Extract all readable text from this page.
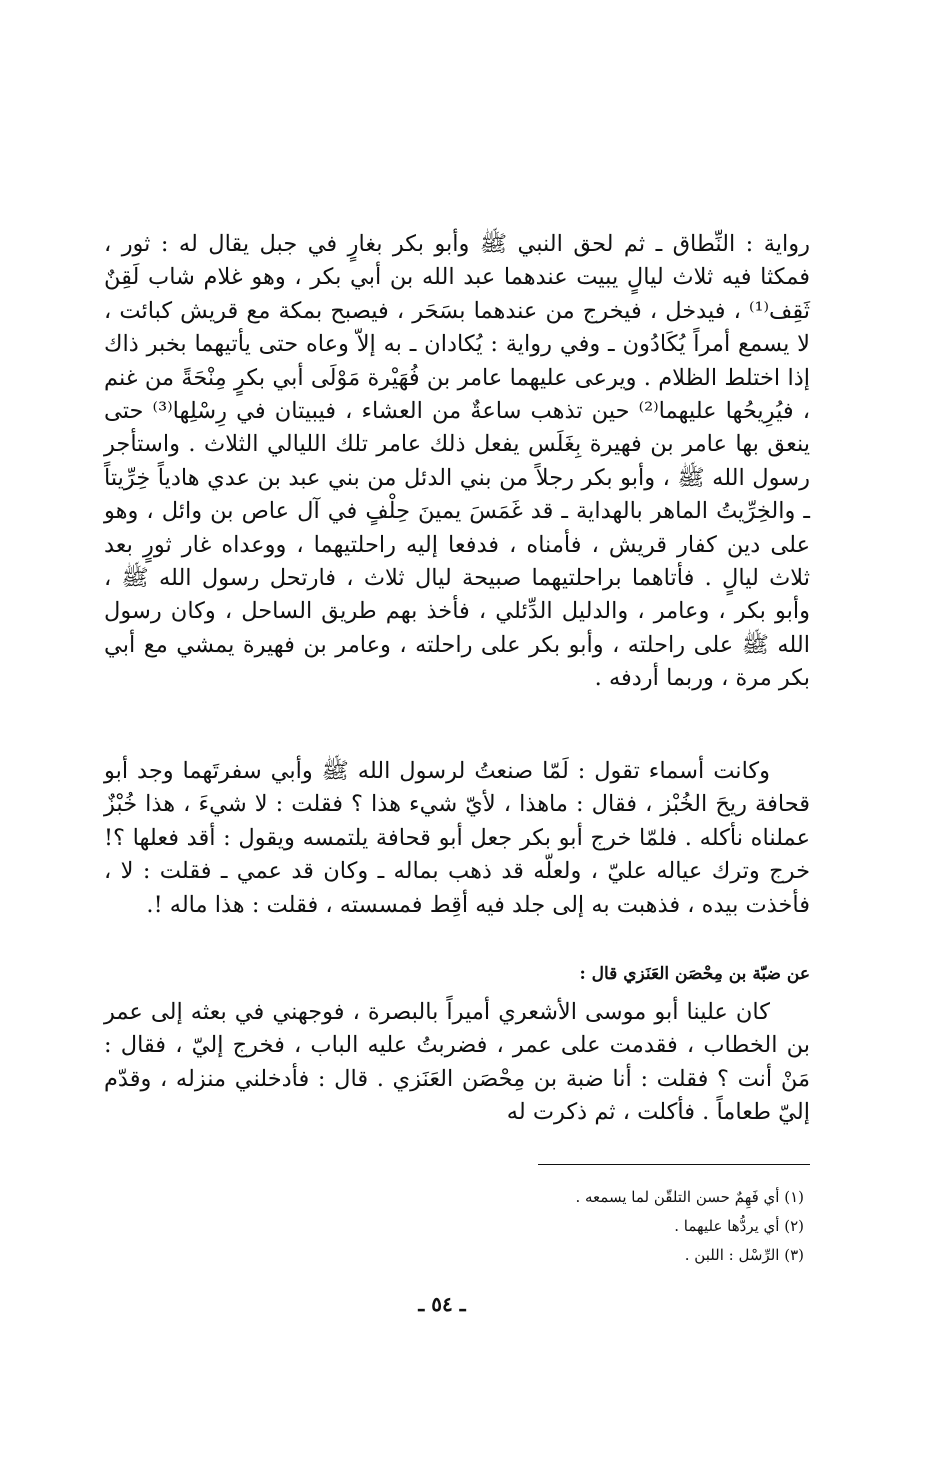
رواية : النِّطاق ـ ثم لحق النبي ﷺ وأبو بكر بغارٍ في جبل يقال له : ثور ، فمكثا فيه ثلاث ليالٍ يبيت عندهما عبد الله بن أبي بكر ، وهو غلام شاب لَقِنٌ ثَقِف⁽¹⁾ ، فيدخل ، فيخرج من عندهما بسَحَر ، فيصبح بمكة مع قريش كبائت ، لا يسمع أمراً يُكَادُون ـ وفي رواية : يُكادان ـ به إلاّ وعاه حتى يأتيهما بخبر ذاك إذا اختلط الظلام . ويرعى عليهما عامر بن فُهَيْرة مَوْلَى أبي بكرٍ مِنْحَةً من غنم ، فيُرِيحُها عليهما⁽²⁾ حين تذهب ساعةٌ من العشاء ، فيبيتان في رِسْلِها⁽³⁾ حتى ينعق بها عامر بن فهيرة بِغَلَس يفعل ذلك عامر تلك الليالي الثلاث . واستأجر رسول الله ﷺ ، وأبو بكر رجلاً من بني الدئل من بني عبد بن عدي هادياً خِرِّيتاً ـ والخِرِّيتُ الماهر بالهداية ـ قد غَمَسَ يمينَ حِلْفٍ في آل عاص بن وائل ، وهو على دين كفار قريش ، فأمناه ، فدفعا إليه راحلتيهما ، ووعداه غار ثورٍ بعد ثلاث ليالٍ . فأتاهما براحلتيهما صبيحة ليال ثلاث ، فارتحل رسول الله ﷺ ، وأبو بكر ، وعامر ، والدليل الدِّئلي ، فأخذ بهم طريق الساحل ، وكان رسول الله ﷺ على راحلته ، وأبو بكر على راحلته ، وعامر بن فهيرة يمشي مع أبي بكر مرة ، وربما أردفه .

وكانت أسماء تقول : لَمّا صنعتُ لرسول الله ﷺ وأبي سفرتَهما وجد أبو قحافة ريحَ الخُبْز ، فقال : ماهذا ، لأيّ شيء هذا ؟ فقلت : لا شيءَ ، هذا خُبْزٌ عملناه نأكله . فلمّا خرج أبو بكر جعل أبو قحافة يلتمسه ويقول : أقد فعلها ؟! خرج وترك عياله عليّ ، ولعلّه قد ذهب بماله ـ وكان قد عمي ـ فقلت : لا ، فأخذت بيده ، فذهبت به إلى جلد فيه أقِط فمسسته ، فقلت : هذا ماله !.

عن ضبّة بن مِحْصَن العَنَزي قال :

كان علينا أبو موسى الأشعري أميراً بالبصرة ، فوجهني في بعثه إلى عمر بن الخطاب ، فقدمت على عمر ، فضربتُ عليه الباب ، فخرج إليّ ، فقال : مَنْ أنت ؟ فقلت : أنا ضبة بن مِحْصَن العَنَزي . قال : فأدخلني منزله ، وقدّم إليّ طعاماً . فأكلت ، ثم ذكرت له

(١) أي فَهِمٌ حسن التلقّن لما يسمعه .
(٢) أي يردُّها عليهما .
(٣) الرِّسْل : اللبن .
ـ ٥٤ ـ
